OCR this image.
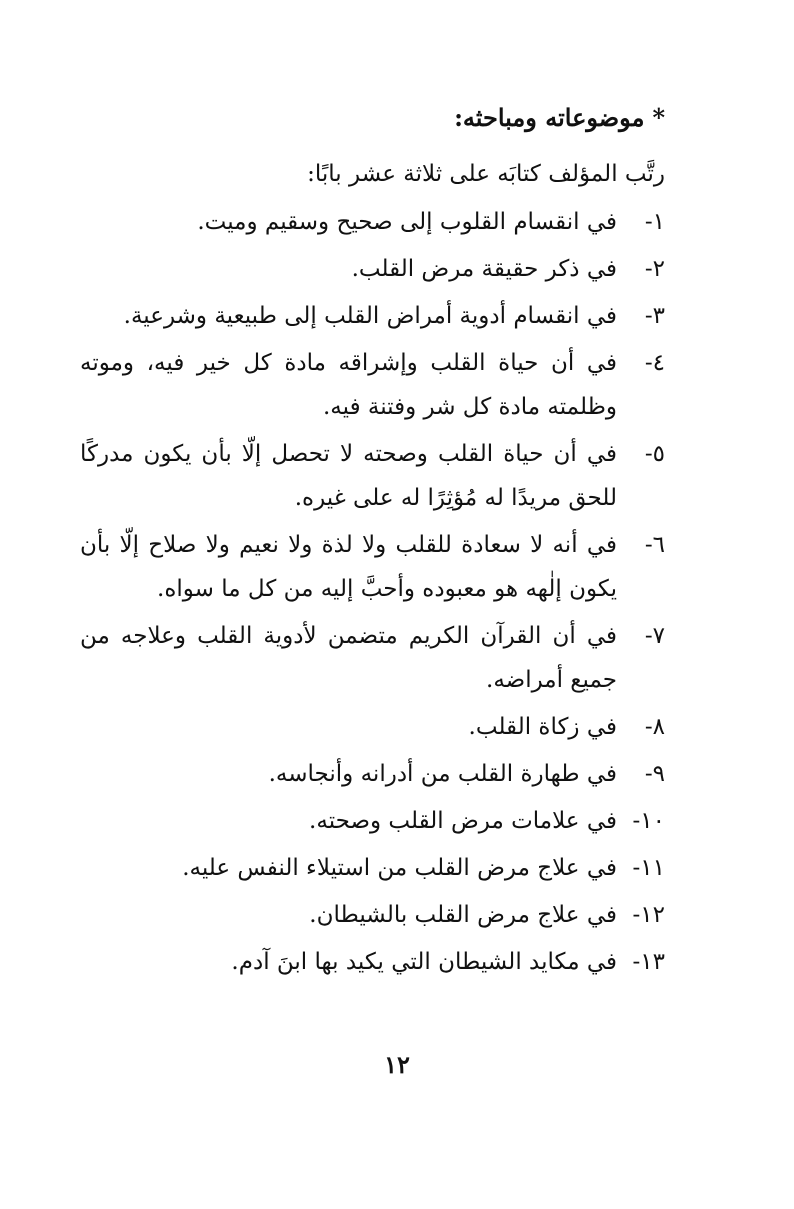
*موضوعاته ومباحثه:

رتَّب المؤلف كتابَه على ثلاثة عشر بابًا:

١-
في انقسام القلوب إلى صحيح وسقيم وميت.
٢-
في ذكر حقيقة مرض القلب.
٣-
في انقسام أدوية أمراض القلب إلى طبيعية وشرعية.
٤-
في أن حياة القلب وإشراقه مادة كل خير فيه، وموته وظلمته مادة كل شر وفتنة فيه.
٥-
في أن حياة القلب وصحته لا تحصل إلّا بأن يكون مدركًا للحق مريدًا له مُؤثِرًا له على غيره.
٦-
في أنه لا سعادة للقلب ولا لذة ولا نعيم ولا صلاح إلّا بأن يكون إلٰهه هو معبوده وأحبَّ إليه من كل ما سواه.
٧-
في أن القرآن الكريم متضمن لأدوية القلب وعلاجه من جميع أمراضه.
٨-
في زكاة القلب.
٩-
في طهارة القلب من أدرانه وأنجاسه.
١٠-
في علامات مرض القلب وصحته.
١١-
في علاج مرض القلب من استيلاء النفس عليه.
١٢-
في علاج مرض القلب بالشيطان.
١٣-
في مكايد الشيطان التي يكيد بها ابنَ آدم.
١٢
